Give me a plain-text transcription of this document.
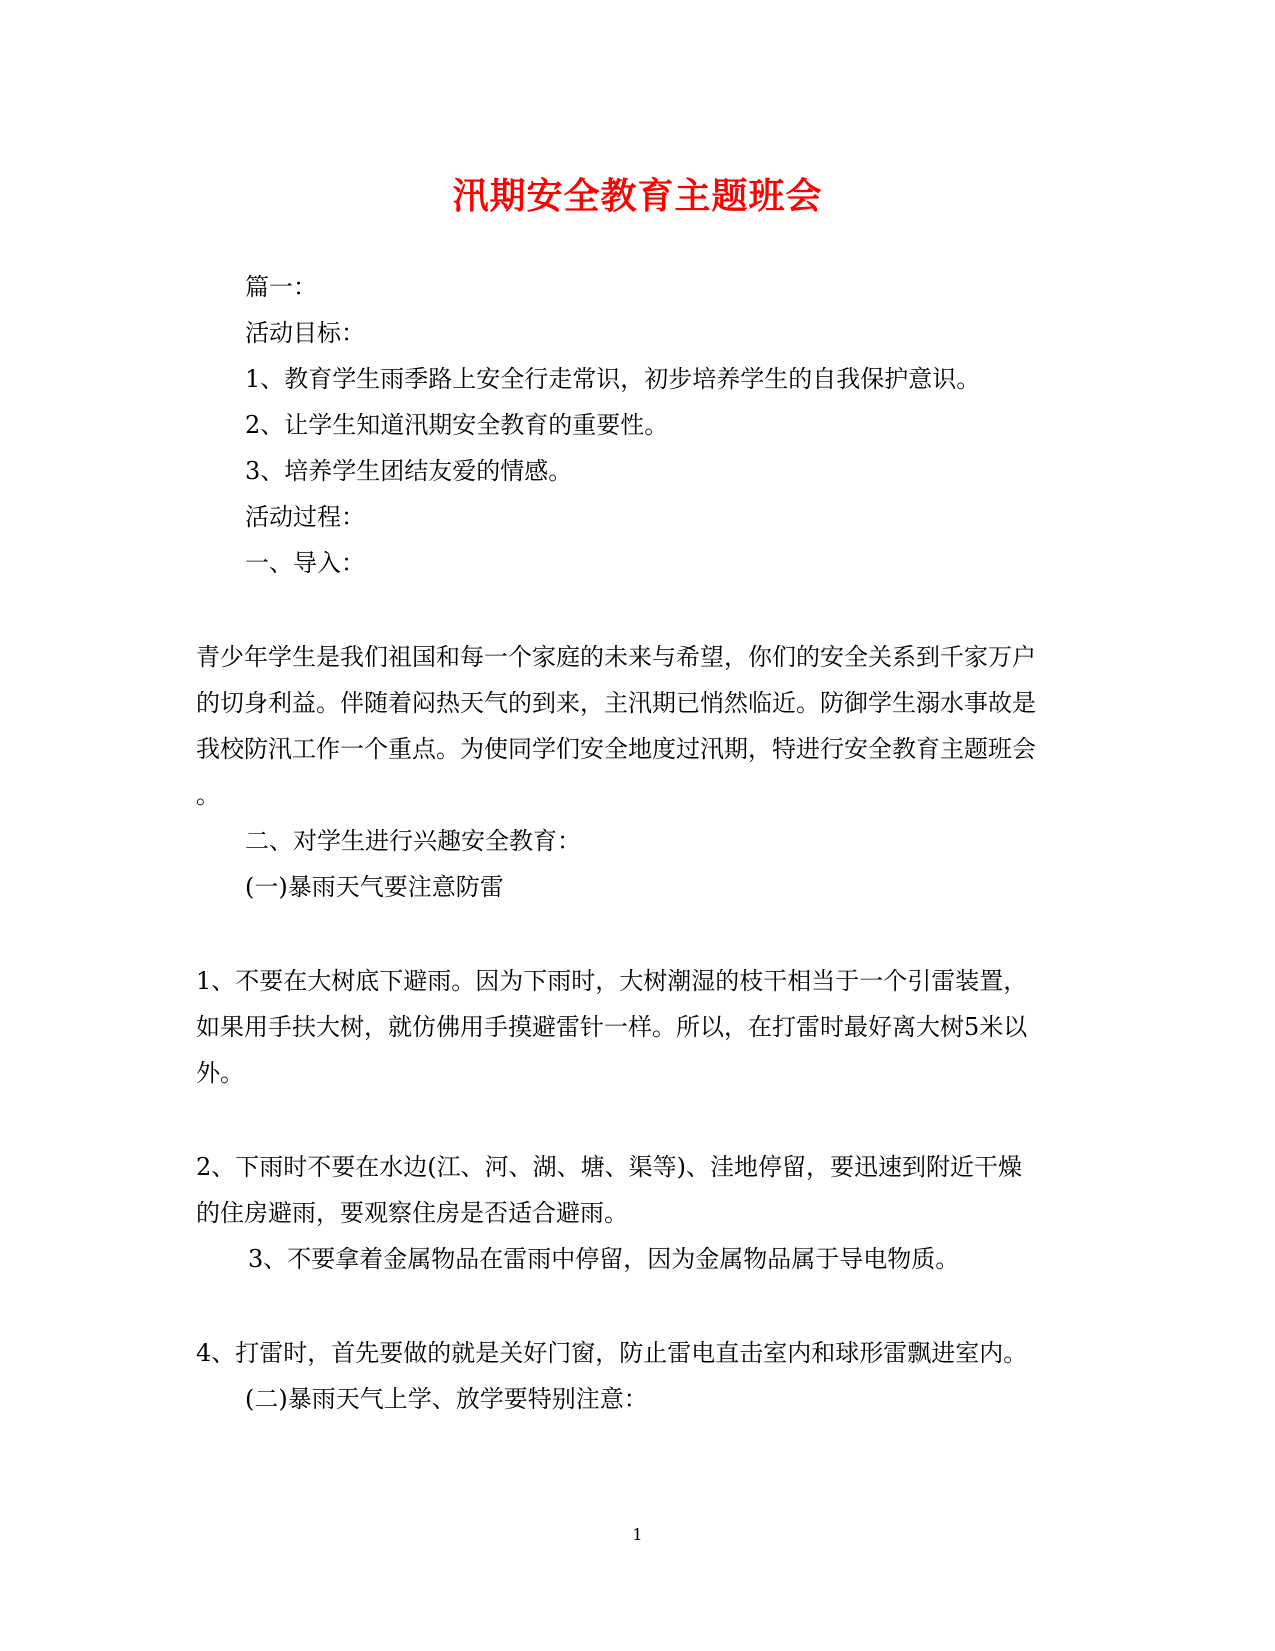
汛期安全教育主题班会
篇一：
活动目标：
1、教育学生雨季路上安全行走常识，初步培养学生的自我保护意识。
2、让学生知道汛期安全教育的重要性。
3、培养学生团结友爱的情感。
活动过程：
一、导入：
青少年学生是我们祖国和每一个家庭的未来与希望，你们的安全关系到千家万户
的切身利益。伴随着闷热天气的到来，主汛期已悄然临近。防御学生溺水事故是
我校防汛工作一个重点。为使同学们安全地度过汛期，特进行安全教育主题班会
。
二、对学生进行兴趣安全教育：
(一)暴雨天气要注意防雷
1、不要在大树底下避雨。因为下雨时，大树潮湿的枝干相当于一个引雷装置，
如果用手扶大树，就仿佛用手摸避雷针一样。所以，在打雷时最好离大树5米以
外。
2、下雨时不要在水边(江、河、湖、塘、渠等)、洼地停留，要迅速到附近干燥
的住房避雨，要观察住房是否适合避雨。
3、不要拿着金属物品在雷雨中停留，因为金属物品属于导电物质。
4、打雷时，首先要做的就是关好门窗，防止雷电直击室内和球形雷飘进室内。
(二)暴雨天气上学、放学要特别注意：
1
